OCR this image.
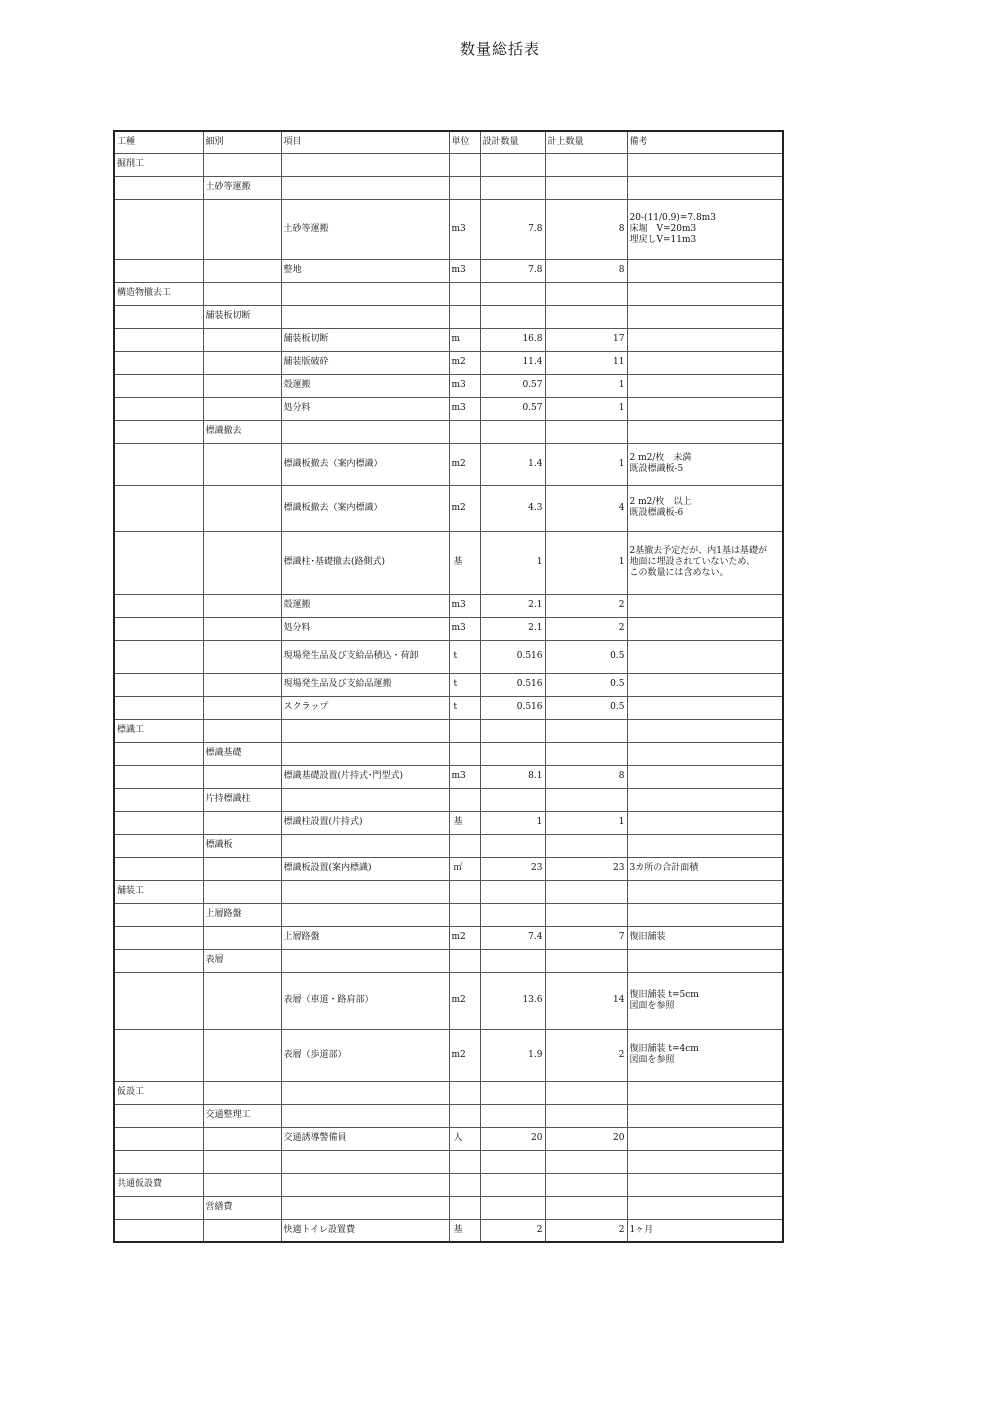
数量総括表
工種	細別	項目	単位	設計数量	計上数量	備考
掘削工						
	土砂等運搬					
		土砂等運搬	m3	7.8	8	20-(11/0.9)=7.8m3
床堀　V=20m3
埋戻しV=11m3
		整地	m3	7.8	8	
構造物撤去工						
	舗装板切断					
		舗装板切断	m	16.8	17	
		舗装版破砕	m2	11.4	11	
		殻運搬	m3	0.57	1	
		処分料	m3	0.57	1	
	標識撤去					
		標識板撤去（案内標識）	m2	1.4	1	2 m2/枚　未満
既設標識板-5
		標識板撤去（案内標識）	m2	4.3	4	2 m2/枚　以上
既設標識板-6
		標識柱･基礎撤去(路側式)	基	1	1	2基撤去予定だが、内1基は基礎が
地面に埋設されていないため、
この数量には含めない。
		殻運搬	m3	2.1	2	
		処分料	m3	2.1	2	
		現場発生品及び支給品積込・荷卸	t	0.516	0.5	
		現場発生品及び支給品運搬	t	0.516	0.5	
		スクラップ	t	0.516	0.5	
標識工						
	標識基礎					
		標識基礎設置(片持式･門型式)	m3	8.1	8	
	片持標識柱					
		標識柱設置(片持式)	基	1	1	
	標識板					
		標識板設置(案内標識)	㎡	23	23	3カ所の合計面積
舗装工						
	上層路盤					
		上層路盤	m2	7.4	7	復旧舗装
	表層					
		表層（車道・路肩部）	m2	13.6	14	復旧舗装 t=5cm
図面を参照
		表層（歩道部）	m2	1.9	2	復旧舗装 t=4cm
図面を参照
仮設工						
	交通整理工					
		交通誘導警備員	人	20	20	

共通仮設費						
	営繕費					
		快適トイレ設置費	基	2	2	1ヶ月
